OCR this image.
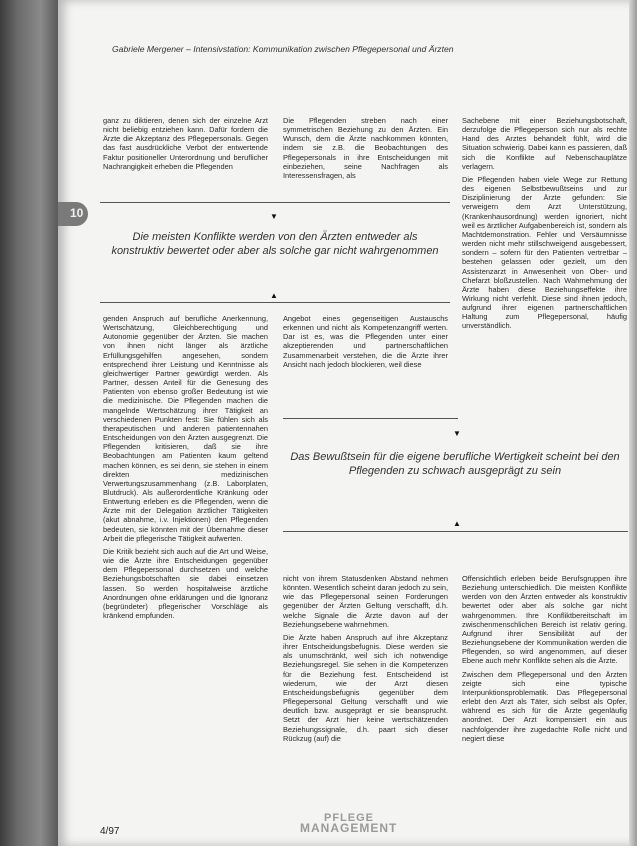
Gabriele Mergener – Intensivstation: Kommunikation zwischen Pflegepersonal und Ärzten
10
ganz zu diktieren, denen sich der einzelne Arzt nicht beliebig entziehen kann. Dafür fordern die Ärzte die Akzeptanz des Pflegepersonals. Gegen das fast ausdrückliche Verbot der entwertende Faktur positioneller Unterordnung und beruflicher Nachrangigkeit erheben die Pflegenden
Die Pflegenden streben nach einer symmetrischen Beziehung zu den Ärzten. Ein Wunsch, dem die Ärzte nachkommen könnten, indem sie z.B. die Beobachtungen des Pflegepersonals in ihre Entscheidungen mit einbeziehen, seine Nachfragen als Interessensfragen, als

Sachebene mit einer Beziehungsbotschaft, derzufolge die Pflegeperson sich nur als rechte Hand des Arztes behandelt fühlt, wird die Situation schwierig. Dabei kann es passieren, daß sich die Konflikte auf Nebenschauplätze verlagern.

Die Pflegenden haben viele Wege zur Rettung des eigenen Selbstbewußtseins und zur Disziplinierung der Ärzte gefunden: Sie verweigern dem Arzt Unterstützung, (Krankenhausordnung) werden ignoriert, nicht weil es ärztlicher Aufgabenbereich ist, sondern als Machtdemonstration. Fehler und Versäumnisse werden nicht mehr stillschweigend ausgebessert, sondern – sofern für den Patienten vertretbar – bestehen gelassen oder gezielt, um den Assistenzarzt in Anwesenheit von Ober- und Chefarzt bloßzustellen. Nach Wahrnehmung der Ärzte haben diese Beziehungseffekte ihre Wirkung nicht verfehlt. Diese sind ihnen jedoch, aufgrund ihrer eigenen partnerschaftlichen Haltung zum Pflegepersonal, häufig unverständlich.

▼
Die meisten Konflikte werden von den Ärzten entweder als konstruktiv bewertet oder aber als solche gar nicht wahrgenommen
▲

genden Anspruch auf berufliche Anerkennung, Wertschätzung, Gleichberechtigung und Autonomie gegenüber der Ärzten. Sie machen von ihnen nicht länger als ärztliche Erfüllungsgehilfen angesehen, sondern entsprechend ihrer Leistung und Kenntnisse als gleichwertiger Partner gewürdigt werden. Als Partner, dessen Anteil für die Genesung des Patienten von ebenso großer Bedeutung ist wie die medizinische. Die Pflegenden machen die mangelnde Wertschätzung ihrer Tätigkeit an verschiedenen Punkten fest: Sie fühlen sich als therapeutischen und anderen patientennahen Entscheidungen von den Ärzten ausgegrenzt. Die Pflegenden kritisieren, daß sie ihre Beobachtungen am Patienten kaum geltend machen können, es sei denn, sie stehen in einem direkten medizinischen Verwertungszusammenhang (z.B. Laborplaten, Blutdruck). Als außerordentliche Kränkung oder Entwertung erleben es die Pflegenden, wenn die Ärzte mit der Delegation ärztlicher Tätigkeiten (akut abnahme, i.v. Injektionen) den Pflegenden bedeuten, sie könnten mit der Übernahme dieser Arbeit die pflegerische Tätigkeit aufwerten.

Die Kritik bezieht sich auch auf die Art und Weise, wie die Ärzte ihre Entscheidungen gegenüber dem Pflegepersonal durchsetzen und welche Beziehungsbotschaften sie dabei einsetzen lassen. So werden hospitalweise ärztliche Anordnungen ohne erklärungen und die Ignoranz (begründeter) pflegerischer Vorschläge als kränkend empfunden.

Angebot eines gegenseitigen Austauschs erkennen und nicht als Kompetenzangriff werten. Dar ist es, was die Pflegenden unter einer akzeptierenden und partnerschaftlichen Zusammenarbeit verstehen, die die Ärzte ihrer Ansicht nach jedoch blockieren, weil diese
▼
Das Bewußtsein für die eigene berufliche Wertigkeit scheint bei den Pflegenden zu schwach ausgeprägt zu sein
▲

nicht von ihrem Statusdenken Abstand nehmen könnten. Wesentlich scheint daran jedoch zu sein, wie das Pflegepersonal seinen Forderungen gegenüber der Ärzten Geltung verschafft, d.h. welche Signale die Ärzte davon auf der Beziehungsebene wahrnehmen.

Die Ärzte haben Anspruch auf ihre Akzeptanz ihrer Entscheidungsbefugnis. Diese werden sie als unumschränkt, weil sich ich notwendige Beziehungsregel. Sie sehen in die Kompetenzen für die Beziehung fest. Entscheidend ist wiederum, wie der Arzt diesen Entscheidungsbefugnis gegenüber dem Pflegepersonal Geltung verschafft und wie deutlich bzw. ausgeprägt er sie beansprucht. Setzt der Arzt hier keine wertschätzenden Beziehungssignale, d.h. paart sich dieser Rückzug (auf) die

Offensichtlich erleben beide Berufsgruppen ihre Beziehung unterschiedlich. Die meisten Konflikte werden von den Ärzten entweder als konstruktiv bewertet oder aber als solche gar nicht wahrgenommen. Ihre Konfliktbereitschaft im zwischenmenschlichen Bereich ist relativ gering. Aufgrund ihrer Sensibilität auf der Beziehungsebene der Kommunikation werden die Pflegenden, so wird angenommen, auf dieser Ebene auch mehr Konflikte sehen als die Ärzte.

Zwischen dem Pflegepersonal und den Ärzten zeigte sich eine typische Interpunktionsproblematik. Das Pflegepersonal erlebt den Arzt als Täter, sich selbst als Opfer, während es sich für die Ärzte gegenläufig anordnet. Der Arzt kompensiert ein aus nachfolgender ihre zugedachte Rolle nicht und negiert diese

4/97
PFLEGE
MANAGEMENT
